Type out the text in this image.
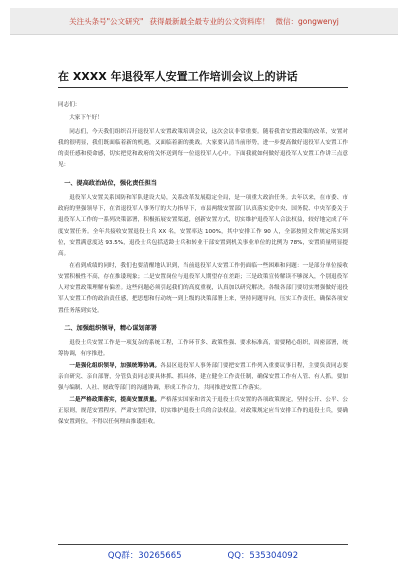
关注头条号"公文研究" 获得最新最全最专业的公文资料库！ 微信：gongwenyj
在 XXXX 年退役军人安置工作培训会议上的讲话

同志们：

大家下午好！

同志们，今天我们组织召开退役军人安置政策培训会议，这次会议非常重要。随着我省安置政策的改革，安置对我的很明显，我们既面临着新的机遇，又面临着新的挑战。大家要认清当前形势，进一步提高做好退役军人安置工作的责任感和使命感，切实把党和政府的关怀送到每一位退役军人心中。下面我就如何做好退役军人安置工作讲三点意见：

一、提高政治站位，强化责任担当

退役军人安置关系国防和军队建设大局，关系改革发展稳定全局，是一项重大政治任务。去年以来，在市委、市政府的坚强领导下，在省退役军人事务厅的大力指导下，市县两级安置部门认真落实党中央、国务院、中央军委关于退役军人工作的一系列决策部署，积极拓展安置渠道，创新安置方式，切实维护退役军人合法权益，较好地完成了年度安置任务。全年共接收安置退役士兵 XX 名，安置率达 100%，其中安排工作 90 人，全部按照文件规定落实到位，安置满意度达 93.5%，退役士兵包括适龄士兵和转业干部安置到机关事业单位的比例为 78%，安置质量明显提高。

在看到成绩的同时，我们也要清醒地认识到，当前退役军人安置工作仍面临一些困难和问题：一是部分单位接收安置积极性不高，存在推诿现象；二是安置岗位与退役军人期望存在差距；三是政策宣传解读不够深入，个别退役军人对安置政策理解有偏差。这些问题必须引起我们的高度重视，认真加以研究解决。各级各部门要切实增强做好退役军人安置工作的政治责任感，把思想和行动统一到上级的决策部署上来，坚持问题导向，压实工作责任，确保各项安置任务落到实处。

二、加强组织领导，精心谋划部署

退役士兵安置工作是一项复杂的系统工程，工作环节多、政策性强、要求标准高，需要精心组织，周密部署，统筹协调，有序推进。

一是强化组织领导，加强统筹协调。各县区退役军人事务部门要把安置工作列入重要议事日程，主要负责同志要亲自研究、亲自部署，分管负责同志要具体抓、抓具体，建立健全工作责任制，确保安置工作有人管、有人抓。要加强与编制、人社、财政等部门的沟通协调，形成工作合力，共同推进安置工作落实。

二是严格政策落实，提高安置质量。严格落实国家和省关于退役士兵安置的各项政策规定，坚持公开、公平、公正原则，规范安置程序，严肃安置纪律，切实维护退役士兵的合法权益。对政策规定应当安排工作的退役士兵，要确保安置到位，不得以任何理由推诿拒收。

QQ群：30265665	QQ：535304092
